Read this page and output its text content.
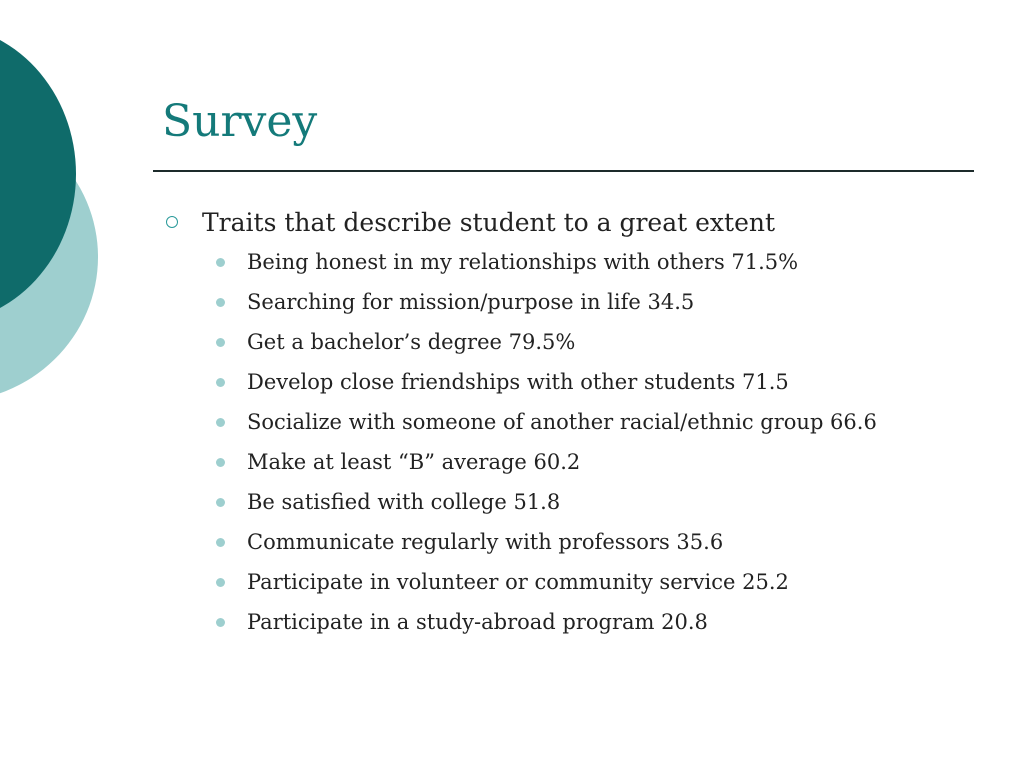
Survey
Traits that describe student to a great extent
Being honest in my relationships with others 71.5%
Searching for mission/purpose in life 34.5
Get a bachelor’s degree 79.5%
Develop close friendships with other students 71.5
Socialize with someone of another racial/ethnic group 66.6
Make at least “B” average 60.2
Be satisfied with college 51.8
Communicate regularly with professors 35.6
Participate in volunteer or community service 25.2
Participate in a study-abroad program 20.8
